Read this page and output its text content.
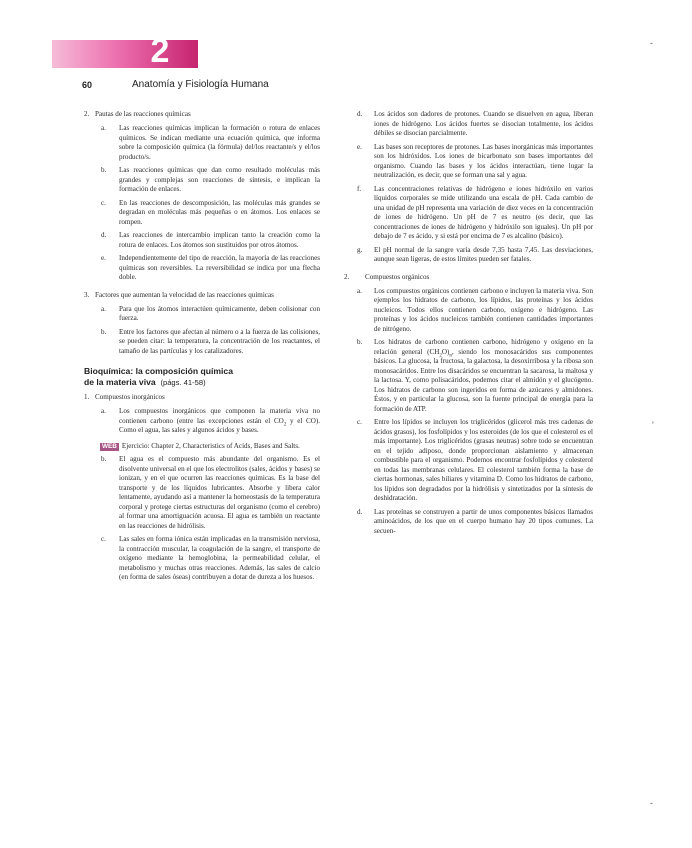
2
60	Anatomía y Fisiología Humana
-
'
-
2. Pautas de las reacciones químicas
a. Las reacciones químicas implican la formación o rotura de enlaces químicos. Se indican mediante una ecuación química, que informa sobre la composición química (la fórmula) del/los reactante/s y el/los producto/s.
b. Las reacciones químicas que dan como resultado moléculas más grandes y complejas son reacciones de síntesis, e implican la formación de enlaces.
c. En las reacciones de descomposición, las moléculas más grandes se degradan en moléculas más pequeñas o en átomos. Los enlaces se rompen.
d. Las reacciones de intercambio implican tanto la creación como la rotura de enlaces. Los átomos son sustituidos por otros átomos.
e. Independientemente del tipo de reacción, la mayoría de las reacciones químicas son reversibles. La reversibilidad se indica por una flecha doble.
3. Factores que aumentan la velocidad de las reacciones químicas
a. Para que los átomos interactúen químicamente, deben colisionar con fuerza.
b. Entre los factores que afectan al número o a la fuerza de las colisiones, se pueden citar: la temperatura, la concentración de los reactantes, el tamaño de las partículas y los catalizadores.
Bioquímica: la composición química
de la materia viva (págs. 41-58)
1. Compuestos inorgánicos
a. Los compuestos inorgánicos que componen la materia viva no contienen carbono (entre las excepciones están el $CO_2$ y el CO). Como el agua, las sales y algunos ácidos y bases.
WEB Ejercicio: Chapter 2, Characteristics of Acids, Bases and Salts.
b. El agua es el compuesto más abundante del organismo. Es el disolvente universal en el que los electrolitos (sales, ácidos y bases) se ionizan, y en el que ocurren las reacciones químicas. Es la base del transporte y de los líquidos lubricantes. Absorbe y libera calor lentamente, ayudando así a mantener la homeostasis de la temperatura corporal y protege ciertas estructuras del organismo (como el cerebro) al formar una amortiguación acuosa. El agua es también un reactante en las reacciones de hidrólisis.
c. Las sales en forma iónica están implicadas en la transmisión nerviosa, la contracción muscular, la coagulación de la sangre, el transporte de oxígeno mediante la hemoglobina, la permeabilidad celular, el metabolismo y muchas otras reacciones. Además, las sales de calcio (en forma de sales óseas) contribuyen a dotar de dureza a los huesos.
d. Los ácidos son dadores de protones. Cuando se disuelven en agua, liberan iones de hidrógeno. Los ácidos fuertes se disocian totalmente, los ácidos débiles se disocian parcialmente.
e. Las bases son receptores de protones. Las bases inorgánicas más importantes son los hidróxidos. Los iones de bicarbonato son bases importantes del organismo. Cuando las bases y los ácidos interactúan, tiene lugar la neutralización, es decir, que se forman una sal y agua.
f. Las concentraciones relativas de hidrógeno e iones hidróxilo en varios líquidos corporales se mide utilizando una escala de pH. Cada cambio de una unidad de pH representa una variación de diez veces en la concentración de iones de hidrógeno. Un pH de 7 es neutro (es decir, que las concentraciones de iones de hidrógeno y hidróxilo son iguales). Un pH por debajo de 7 es ácido, y si está por encima de 7 es alcalino (básico).
g. El pH normal de la sangre varía desde 7,35 hasta 7,45. Las desviaciones, aunque sean ligeras, de estos límites pueden ser fatales.
2. Compuestos orgánicos
a. Los compuestos orgánicos contienen carbono e incluyen la materia viva. Son ejemplos los hidratos de carbono, los lípidos, las proteínas y los ácidos nucleicos. Todos ellos contienen carbono, oxígeno e hidrógeno. Las proteínas y los ácidos nucleicos también contienen cantidades importantes de nitrógeno.
b. Los hidratos de carbono contienen carbono, hidrógeno y oxígeno en la relación general $(CH_2O)_n$, siendo los monosacáridos sus componentes básicos. La glucosa, la fructosa, la galactosa, la desoxirribosa y la ribosa son monosacáridos. Entre los disacáridos se encuentran la sacarosa, la maltosa y la lactosa. Y, como polisacáridos, podemos citar el almidón y el glucógeno. Los hidratos de carbono son ingeridos en forma de azúcares y almidones. Éstos, y en particular la glucosa, son la fuente principal de energía para la formación de ATP.
c. Entre los lípidos se incluyen los triglicéridos (glicerol más tres cadenas de ácidos grasos), los fosfolípidos y los esteroides (de los que el colesterol es el más importante). Los triglicéridos (grasas neutras) sobre todo se encuentran en el tejido adiposo, donde proporcionan aislamiento y almacenan combustible para el organismo. Podemos encontrar fosfolípidos y colesterol en todas las membranas celulares. El colesterol también forma la base de ciertas hormonas, sales biliares y vitamina D. Como los hidratos de carbono, los lípidos son degradados por la hidrólisis y sintetizados por la síntesis de deshidratación.
d. Las proteínas se construyen a partir de unos componentes básicos llamados aminoácidos, de los que en el cuerpo humano hay 20 tipos comunes. La secuen-
